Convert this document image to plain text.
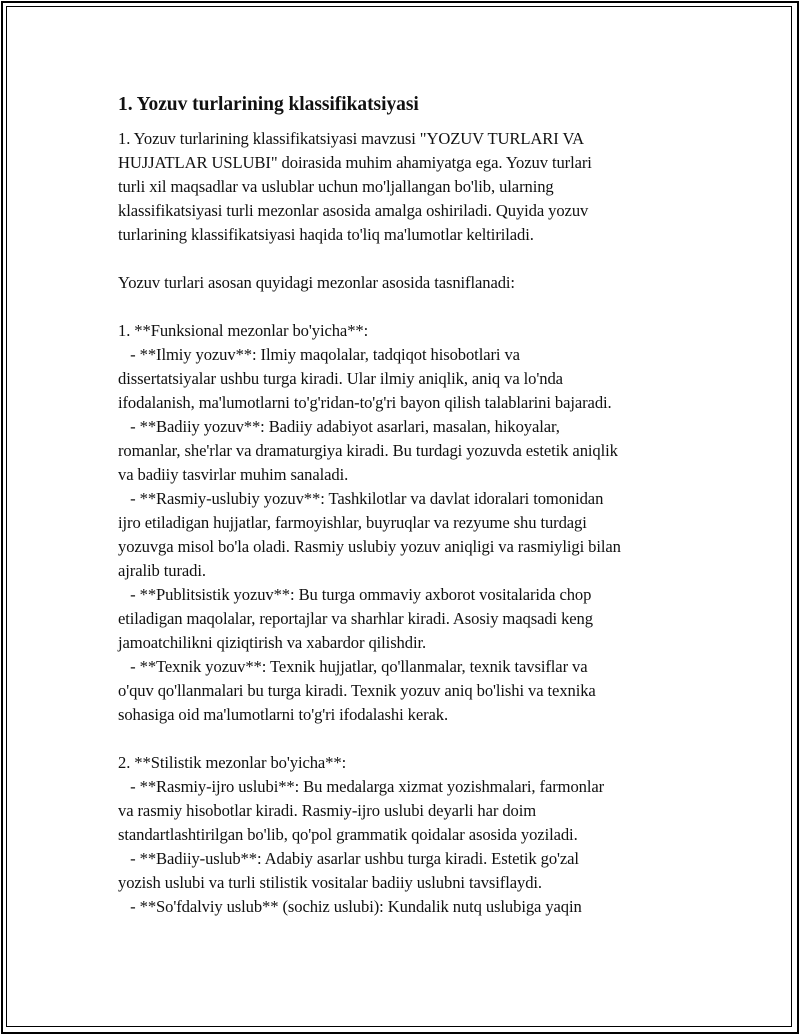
1. Yozuv turlarining klassifikatsiyasi
1. Yozuv turlarining klassifikatsiyasi mavzusi "YOZUV TURLARI VA
HUJJATLAR USLUBI" doirasida muhim ahamiyatga ega. Yozuv turlari
turli xil maqsadlar va uslublar uchun mo'ljallangan bo'lib, ularning
klassifikatsiyasi turli mezonlar asosida amalga oshiriladi. Quyida yozuv
turlarining klassifikatsiyasi haqida to'liq ma'lumotlar keltiriladi.
Yozuv turlari asosan quyidagi mezonlar asosida tasniflanadi:
1. **Funksional mezonlar bo'yicha**:
- **Ilmiy yozuv**: Ilmiy maqolalar, tadqiqot hisobotlari va
dissertatsiyalar ushbu turga kiradi. Ular ilmiy aniqlik, aniq va lo'nda
ifodalanish, ma'lumotlarni to'g'ridan-to'g'ri bayon qilish talablarini bajaradi.
- **Badiiy yozuv**: Badiiy adabiyot asarlari, masalan, hikoyalar,
romanlar, she'rlar va dramaturgiya kiradi. Bu turdagi yozuvda estetik aniqlik
va badiiy tasvirlar muhim sanaladi.
- **Rasmiy-uslubiy yozuv**: Tashkilotlar va davlat idoralari tomonidan
ijro etiladigan hujjatlar, farmoyishlar, buyruqlar va rezyume shu turdagi
yozuvga misol bo'la oladi. Rasmiy uslubiy yozuv aniqligi va rasmiyligi bilan
ajralib turadi.
- **Publitsistik yozuv**: Bu turga ommaviy axborot vositalarida chop
etiladigan maqolalar, reportajlar va sharhlar kiradi. Asosiy maqsadi keng
jamoatchilikni qiziqtirish va xabardor qilishdir.
- **Texnik yozuv**: Texnik hujjatlar, qo'llanmalar, texnik tavsiflar va
o'quv qo'llanmalari bu turga kiradi. Texnik yozuv aniq bo'lishi va texnika
sohasiga oid ma'lumotlarni to'g'ri ifodalashi kerak.
2. **Stilistik mezonlar bo'yicha**:
- **Rasmiy-ijro uslubi**: Bu medalarga xizmat yozishmalari, farmonlar
va rasmiy hisobotlar kiradi. Rasmiy-ijro uslubi deyarli har doim
standartlashtirilgan bo'lib, qo'pol grammatik qoidalar asosida yoziladi.
- **Badiiy-uslub**: Adabiy asarlar ushbu turga kiradi. Estetik go'zal
yozish uslubi va turli stilistik vositalar badiiy uslubni tavsiflaydi.
- **So'fdalviy uslub** (sochiz uslubi): Kundalik nutq uslubiga yaqin
